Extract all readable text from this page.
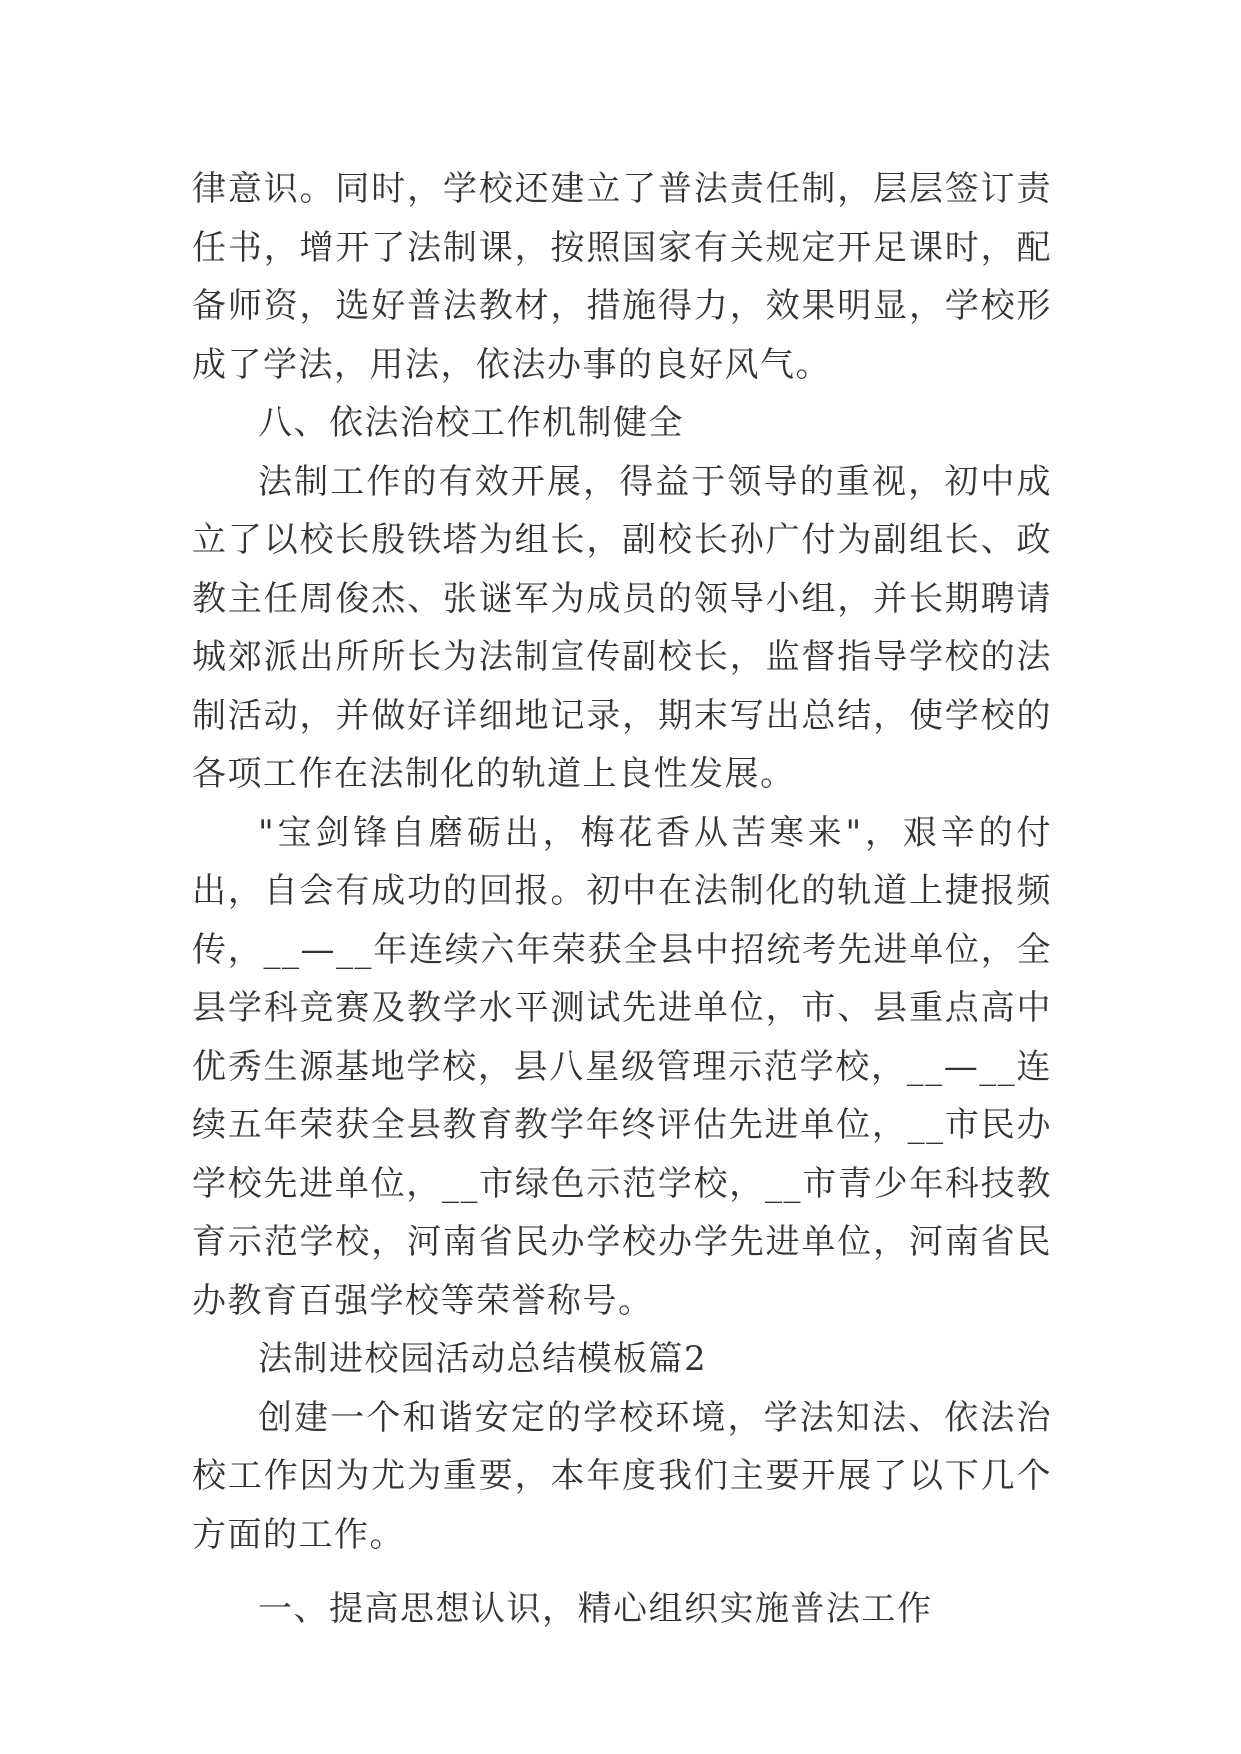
律意识。同时，学校还建立了普法责任制，层层签订责任书，增开了法制课，按照国家有关规定开足课时，配备师资，选好普法教材，措施得力，效果明显，学校形成了学法，用法，依法办事的良好风气。

八、依法治校工作机制健全

法制工作的有效开展，得益于领导的重视，初中成立了以校长殷铁塔为组长，副校长孙广付为副组长、政教主任周俊杰、张谜军为成员的领导小组，并长期聘请城郊派出所所长为法制宣传副校长，监督指导学校的法制活动，并做好详细地记录，期末写出总结，使学校的各项工作在法制化的轨道上良性发展。

"宝剑锋自磨砺出，梅花香从苦寒来"，艰辛的付出，自会有成功的回报。初中在法制化的轨道上捷报频传，__—__年连续六年荣获全县中招统考先进单位，全县学科竞赛及教学水平测试先进单位，市、县重点高中优秀生源基地学校，县八星级管理示范学校，__—__连续五年荣获全县教育教学年终评估先进单位，__市民办学校先进单位，__市绿色示范学校，__市青少年科技教育示范学校，河南省民办学校办学先进单位，河南省民办教育百强学校等荣誉称号。

法制进校园活动总结模板篇2

创建一个和谐安定的学校环境，学法知法、依法治校工作因为尤为重要，本年度我们主要开展了以下几个方面的工作。

一、提高思想认识，精心组织实施普法工作
